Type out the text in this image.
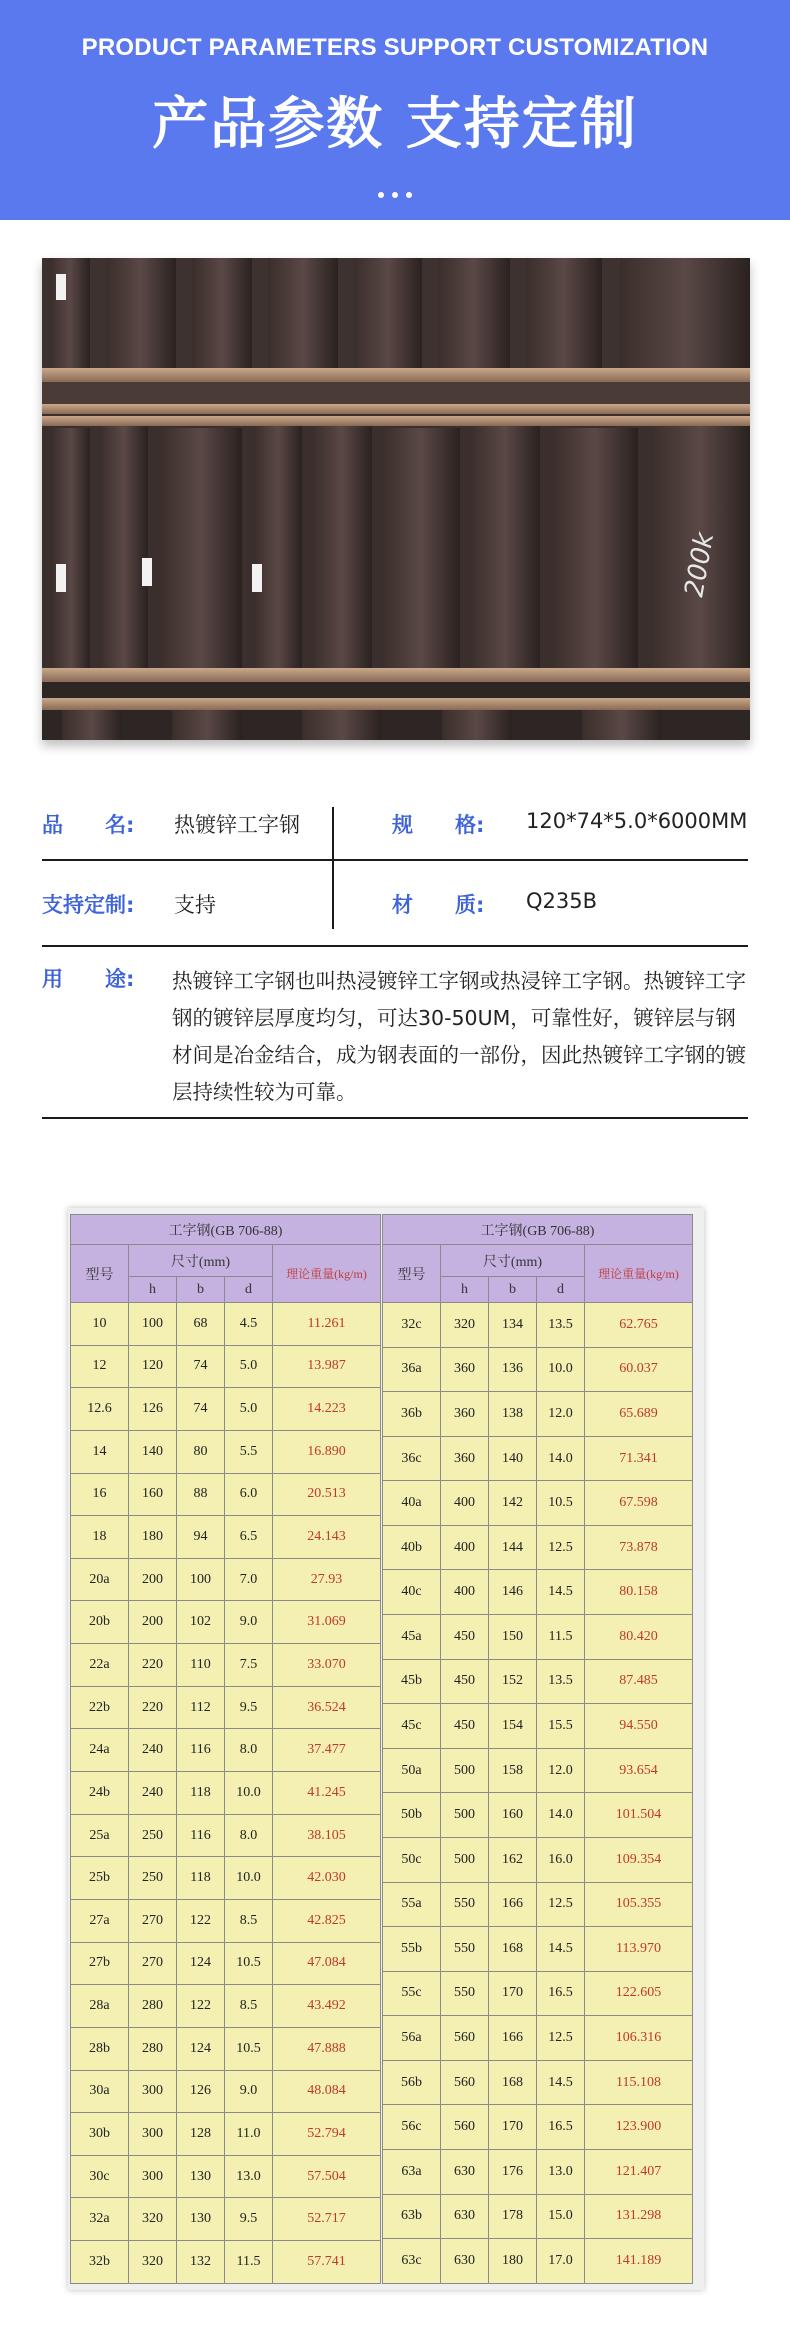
PRODUCT PARAMETERS SUPPORT CUSTOMIZATION
产品参数 支持定制
200k
品　　名: 热镀锌工字钢	规　　格: 120*74*5.0*6000MM
支持定制: 支持	材　　质: Q235B
用　　途: 热镀锌工字钢也叫热浸镀锌工字钢或热浸锌工字钢。热镀锌工字钢的镀锌层厚度均匀，可达30-50UM，可靠性好，镀锌层与钢材间是冶金结合，成为钢表面的一部份，因此热镀锌工字钢的镀层持续性较为可靠。
工字钢(GB 706-88)				
型号	尺寸(mm)			理论重量(kg/m)
	h	b	d	
10	100	68	4.5	11.261
12	120	74	5.0	13.987
12.6	126	74	5.0	14.223
14	140	80	5.5	16.890
16	160	88	6.0	20.513
18	180	94	6.5	24.143
20a	200	100	7.0	27.93
20b	200	102	9.0	31.069
22a	220	110	7.5	33.070
22b	220	112	9.5	36.524
24a	240	116	8.0	37.477
24b	240	118	10.0	41.245
25a	250	116	8.0	38.105
25b	250	118	10.0	42.030
27a	270	122	8.5	42.825
27b	270	124	10.5	47.084
28a	280	122	8.5	43.492
28b	280	124	10.5	47.888
30a	300	126	9.0	48.084
30b	300	128	11.0	52.794
30c	300	130	13.0	57.504
32a	320	130	9.5	52.717
32b	320	132	11.5	57.741
工字钢(GB 706-88)				
型号	尺寸(mm)			理论重量(kg/m)
	h	b	d	
32c	320	134	13.5	62.765
36a	360	136	10.0	60.037
36b	360	138	12.0	65.689
36c	360	140	14.0	71.341
40a	400	142	10.5	67.598
40b	400	144	12.5	73.878
40c	400	146	14.5	80.158
45a	450	150	11.5	80.420
45b	450	152	13.5	87.485
45c	450	154	15.5	94.550
50a	500	158	12.0	93.654
50b	500	160	14.0	101.504
50c	500	162	16.0	109.354
55a	550	166	12.5	105.355
55b	550	168	14.5	113.970
55c	550	170	16.5	122.605
56a	560	166	12.5	106.316
56b	560	168	14.5	115.108
56c	560	170	16.5	123.900
63a	630	176	13.0	121.407
63b	630	178	15.0	131.298
63c	630	180	17.0	141.189
